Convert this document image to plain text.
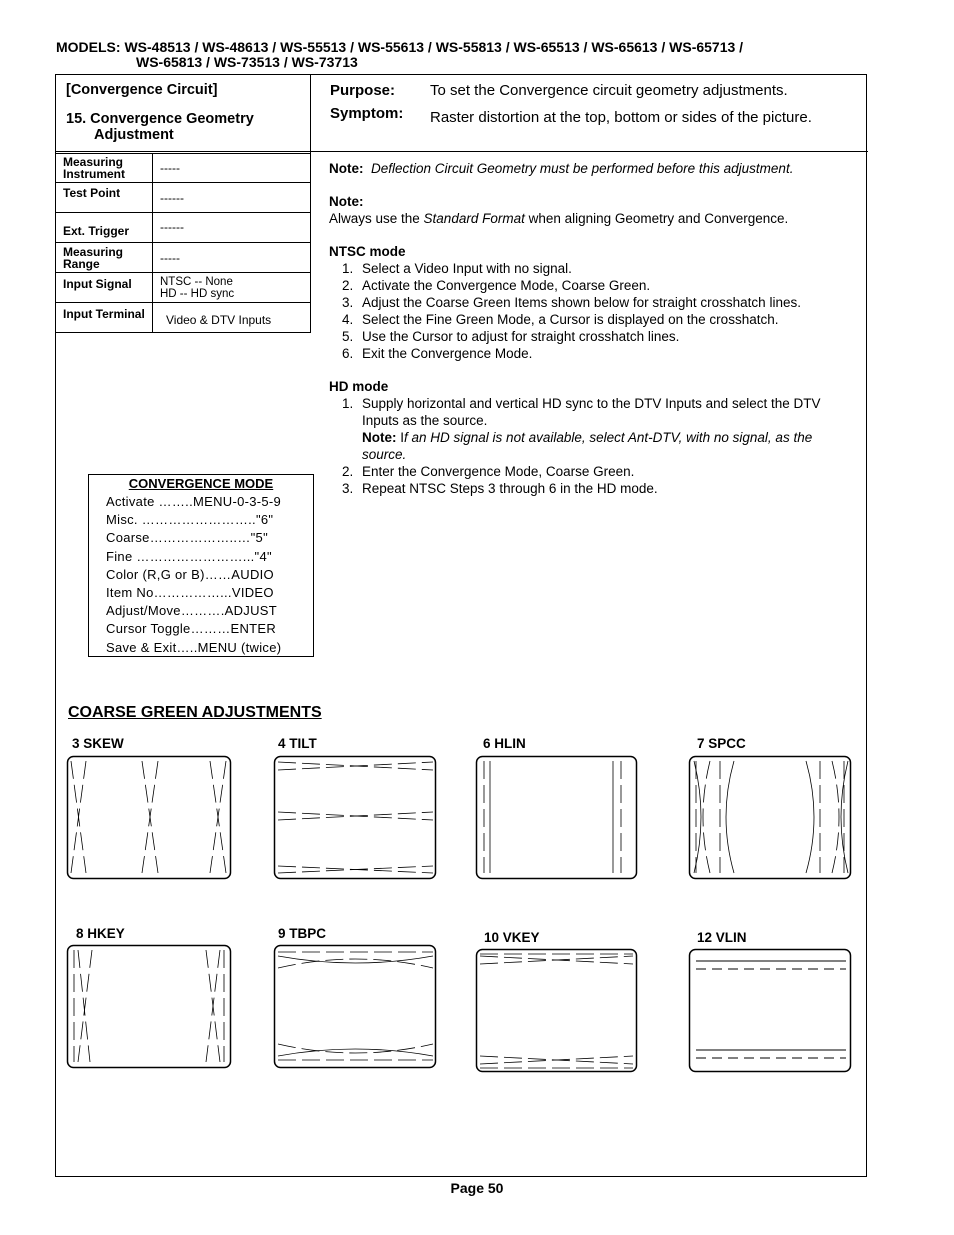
MODELS: WS-48513 / WS-48613 / WS-55513 / WS-55613 / WS-55813 / WS-65513 / WS-65613 / WS-65713 /
WS-65813 / WS-73513 / WS-73713
[Convergence Circuit]
15. Convergence Geometry
Adjustment
Purpose:	To set the Convergence circuit geometry adjustments.
Symptom:	Raster distortion at the top, bottom or sides of the picture.
Measuring
Instrument	-----

Test Point	------

Ext. Trigger	------

Measuring
Range	-----

Input Signal	NTSC -- None
HD -- HD sync

Input Terminal	Video & DTV Inputs
Note: Deflection Circuit Geometry must be performed before this adjustment.
Note:
Always use the Standard Format when aligning Geometry and Convergence.
NTSC mode
1. Select a Video Input with no signal.
2. Activate the Convergence Mode, Coarse Green.
3. Adjust the Coarse Green Items shown below for straight crosshatch lines.
4. Select the Fine Green Mode, a Cursor is displayed on the crosshatch.
5. Use the Cursor to adjust for straight crosshatch lines.
6. Exit the Convergence Mode.
HD mode
1. Supply horizontal and vertical HD sync to the DTV Inputs and select the DTV Inputs as the source.
Note: If an HD signal is not available, select Ant-DTV, with no signal, as the source.
2. Enter the Convergence Mode, Coarse Green.
3. Repeat NTSC Steps 3 through 6 in the HD mode.
CONVERGENCE MODE
Activate ……..MENU-0-3-5-9
Misc. …………………….."6"
Coarse………………..…"5"
Fine ……………………..."4"
Color (R,G or B)……AUDIO
Item No……………...VIDEO
Adjust/Move……….ADJUST
Cursor Toggle………ENTER
Save & Exit…..MENU (twice)
COARSE GREEN ADJUSTMENTS
3 SKEW	4 TILT	6 HLIN	7 SPCC
8 HKEY	9 TBPC	10 VKEY	12 VLIN
Page 50
